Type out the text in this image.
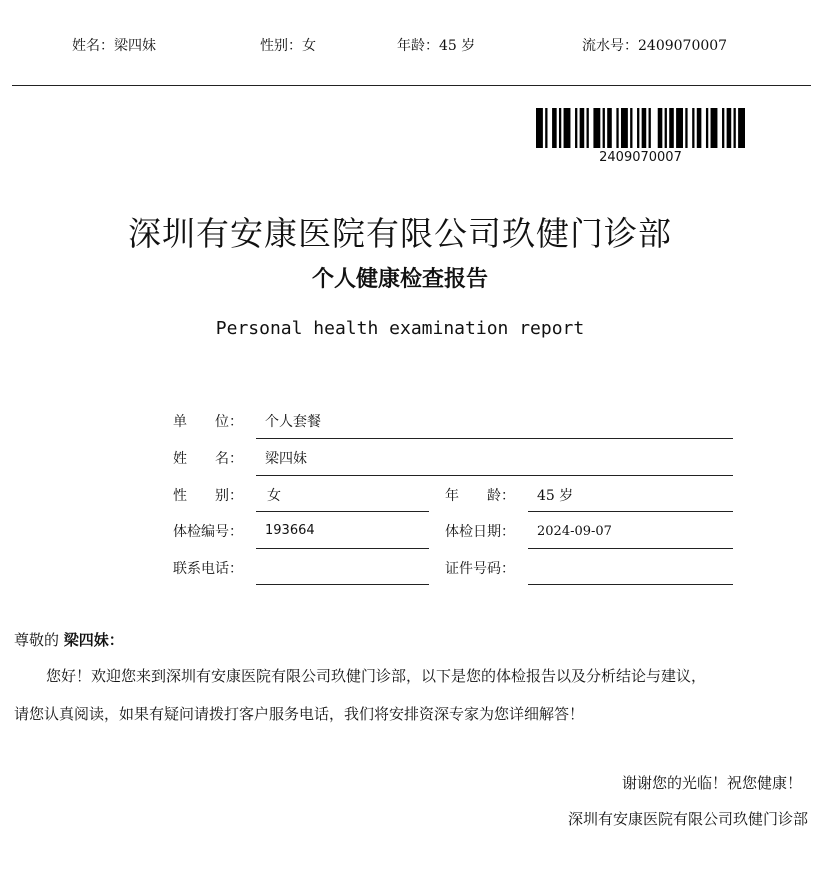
姓名：梁四妹	性别：女	年龄：45 岁	流水号：2409070007
2409070007
深圳有安康医院有限公司玖健门诊部
个人健康检查报告
Personal health examination report
单　　位： 个人套餐
姓　　名： 梁四妹
性　　别： 女	年　　龄： 45 岁
体检编号： 193664	体检日期： 2024-09-07
联系电话：	证件号码：
尊敬的 梁四妹：
您好！欢迎您来到深圳有安康医院有限公司玖健门诊部，以下是您的体检报告以及分析结论与建议，
请您认真阅读，如果有疑问请拨打客户服务电话，我们将安排资深专家为您详细解答！
谢谢您的光临！祝您健康！
深圳有安康医院有限公司玖健门诊部
